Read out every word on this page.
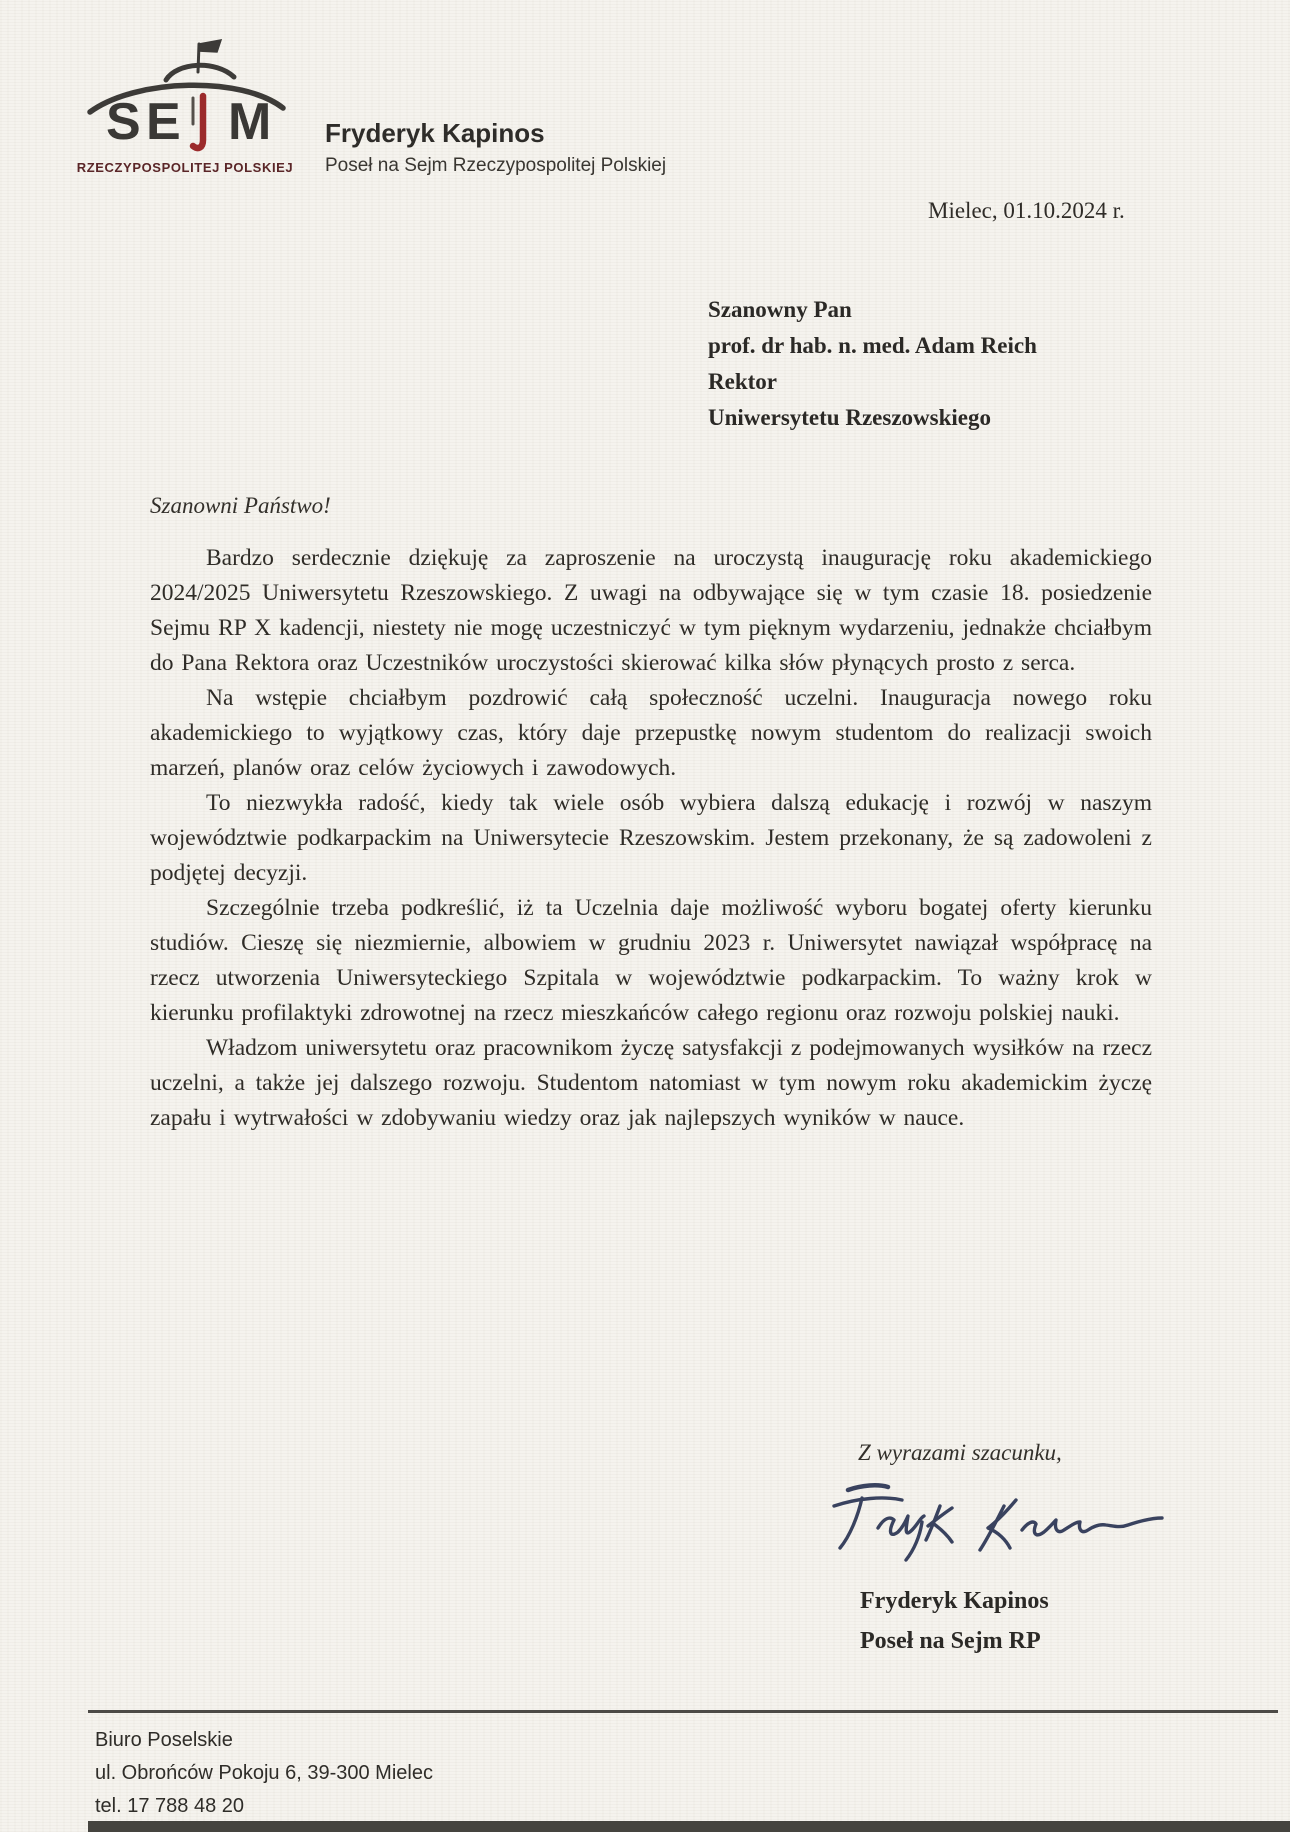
S E M
RZECZYPOSPOLITEJ POLSKIEJ
Fryderyk Kapinos
Poseł na Sejm Rzeczypospolitej Polskiej
Mielec, 01.10.2024 r.
Szanowny Pan
prof. dr hab. n. med. Adam Reich
Rektor
Uniwersytetu Rzeszowskiego
Szanowni Państwo!

Bardzo serdecznie dziękuję za zaproszenie na uroczystą inaugurację roku akademickiego 2024/2025 Uniwersytetu Rzeszowskiego. Z uwagi na odbywające się w tym czasie 18. posiedzenie Sejmu RP X kadencji, niestety nie mogę uczestniczyć w tym pięknym wydarzeniu, jednakże chciałbym do Pana Rektora oraz Uczestników uroczystości skierować kilka słów płynących prosto z serca.

Na wstępie chciałbym pozdrowić całą społeczność uczelni. Inauguracja nowego roku akademickiego to wyjątkowy czas, który daje przepustkę nowym studentom do realizacji swoich marzeń, planów oraz celów życiowych i zawodowych.

To niezwykła radość, kiedy tak wiele osób wybiera dalszą edukację i rozwój w naszym województwie podkarpackim na Uniwersytecie Rzeszowskim. Jestem przekonany, że są zadowoleni z podjętej decyzji.

Szczególnie trzeba podkreślić, iż ta Uczelnia daje możliwość wyboru bogatej oferty kierunku studiów. Cieszę się niezmiernie, albowiem w grudniu 2023 r. Uniwersytet nawiązał współpracę na rzecz utworzenia Uniwersyteckiego Szpitala w województwie podkarpackim. To ważny krok w kierunku profilaktyki zdrowotnej na rzecz mieszkańców całego regionu oraz rozwoju polskiej nauki.

Władzom uniwersytetu oraz pracownikom życzę satysfakcji z podejmowanych wysiłków na rzecz uczelni, a także jej dalszego rozwoju. Studentom natomiast w tym nowym roku akademickim życzę zapału i wytrwałości w zdobywaniu wiedzy oraz jak najlepszych wyników w nauce.

Z wyrazami szacunku,
Fryderyk Kapinos
Poseł na Sejm RP
Biuro Poselskie
ul. Obrońców Pokoju 6, 39-300 Mielec
tel. 17 788 48 20
